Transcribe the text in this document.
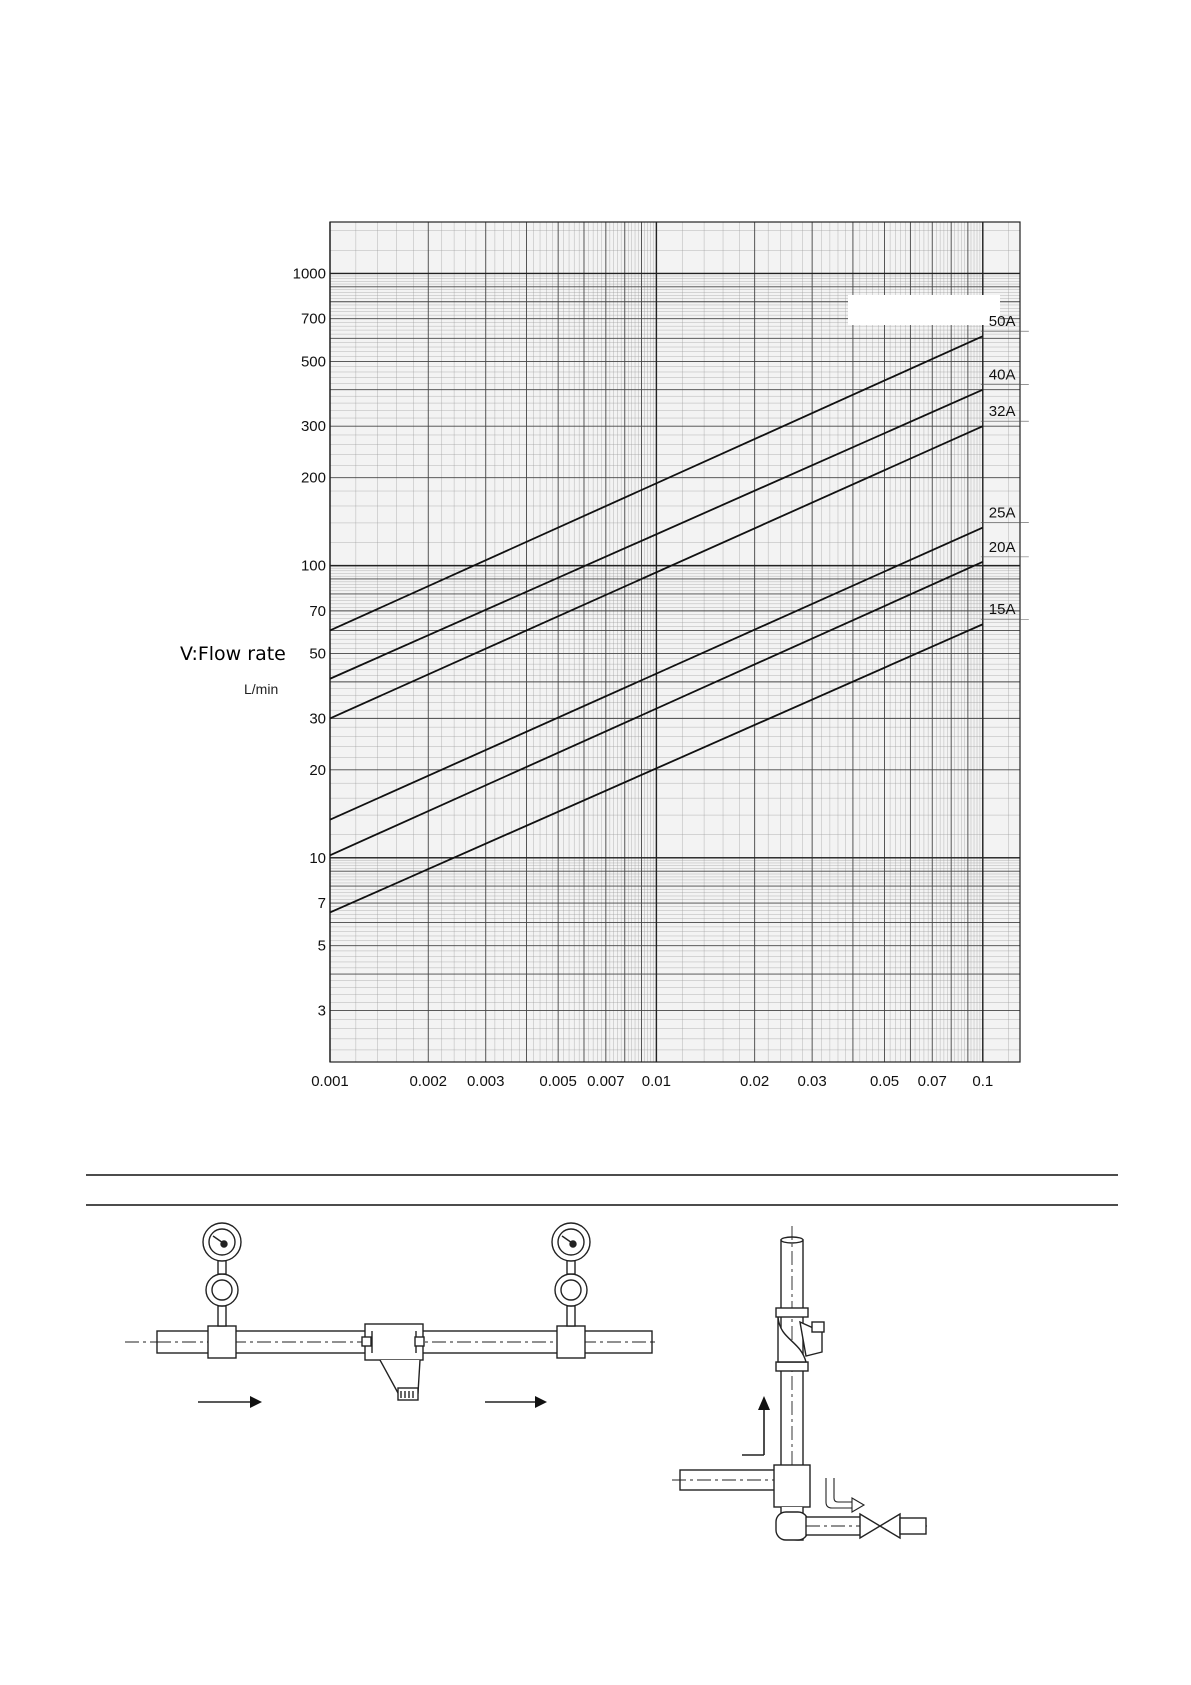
50A
40A
32A
25A
20A
15A
0.001	0.002 0.003 0.005 0.007 0.01	0.02 0.03	0.05 0.07 0.1
3
5
7
10
20
30
50
70
100
200
300
500
700
1000
V:Flow rate
L/min
